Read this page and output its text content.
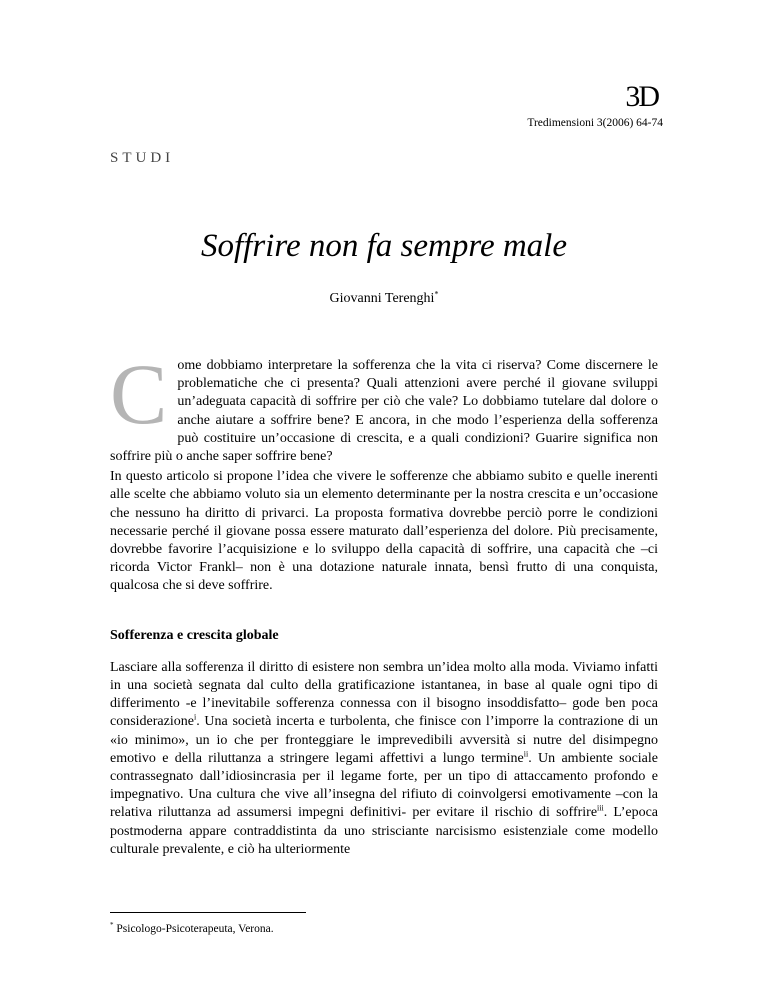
3D
Tredimensioni 3(2006) 64-74
STUDI
Soffrire non fa sempre male
Giovanni Terenghi*

Come dobbiamo interpretare la sofferenza che la vita ci riserva? Come discernere le problematiche che ci presenta? Quali attenzioni avere perché il giovane sviluppi un’adeguata capacità di soffrire per ciò che vale? Lo dobbiamo tutelare dal dolore o anche aiutare a soffrire bene? E ancora, in che modo l’esperienza della sofferenza può costituire un’occasione di crescita, e a quali condizioni? Guarire significa non soffrire più o anche saper soffrire bene?

In questo articolo si propone l’idea che vivere le sofferenze che abbiamo subito e quelle inerenti alle scelte che abbiamo voluto sia un elemento determinante per la nostra crescita e un’occasione che nessuno ha diritto di privarci. La proposta formativa dovrebbe perciò porre le condizioni necessarie perché il giovane possa essere maturato dall’esperienza del dolore. Più precisamente, dovrebbe favorire l’acquisizione e lo sviluppo della capacità di soffrire, una capacità che –ci ricorda Victor Frankl– non è una dotazione naturale innata, bensì frutto di una conquista, qualcosa che si deve soffrire.

Sofferenza e crescita globale

Lasciare alla sofferenza il diritto di esistere non sembra un’idea molto alla moda. Viviamo infatti in una società segnata dal culto della gratificazione istantanea, in base al quale ogni tipo di differimento -e l’inevitabile sofferenza connessa con il bisogno insoddisfatto– gode ben poca considerazione$^i$. Una società incerta e turbolenta, che finisce con l’imporre la contrazione di un «io minimo», un io che per fronteggiare le imprevedibili avversità si nutre del disimpegno emotivo e della riluttanza a stringere legami affettivi a lungo termine$^{ii}$. Un ambiente sociale contrassegnato dall’idiosincrasia per il legame forte, per un tipo di attaccamento profondo e impegnativo. Una cultura che vive all’insegna del rifiuto di coinvolgersi emotivamente –con la relativa riluttanza ad assumersi impegni definitivi- per evitare il rischio di soffrire$^{iii}$. L’epoca postmoderna appare contraddistinta da uno strisciante narcisismo esistenziale come modello culturale prevalente, e ciò ha ulteriormente

* Psicologo-Psicoterapeuta, Verona.
